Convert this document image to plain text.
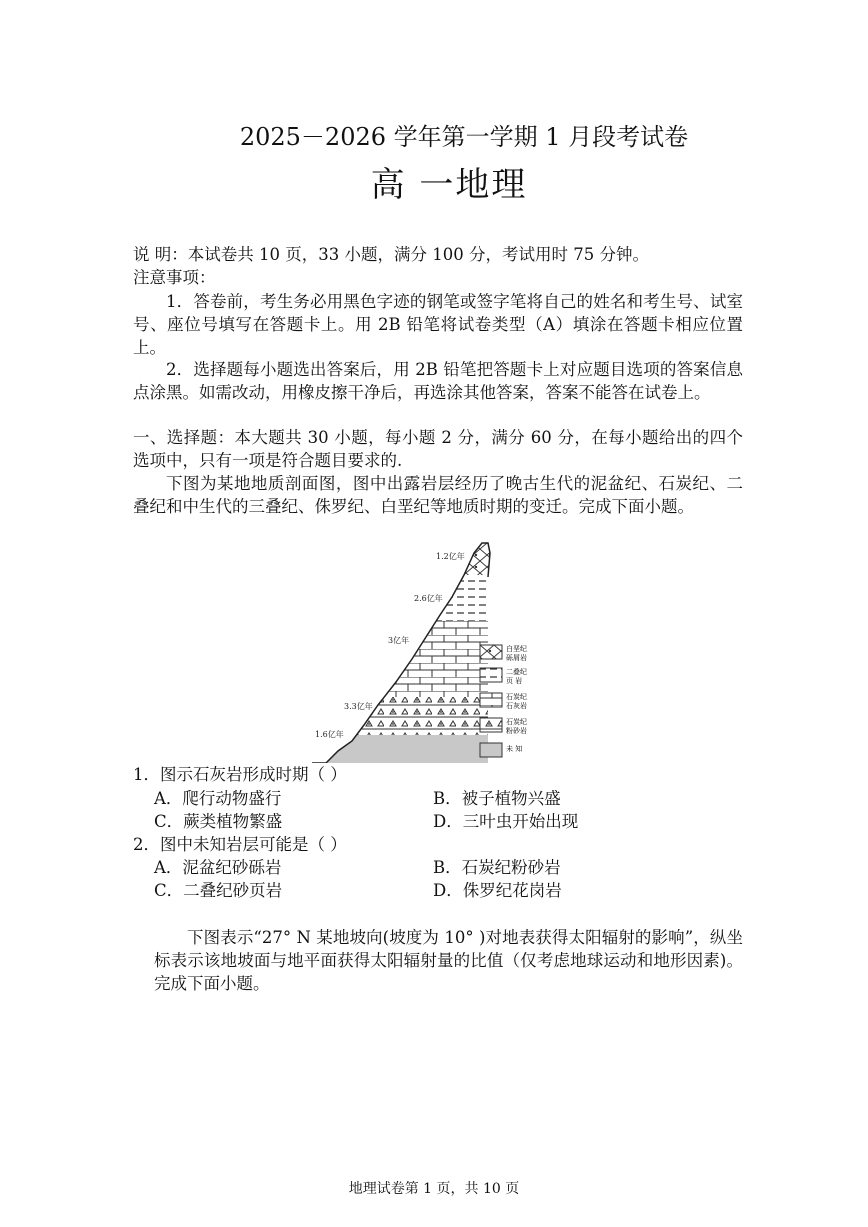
2025－2026 学年第一学期 1 月段考试卷
高 一地理
说 明：本试卷共 10 页，33 小题，满分 100 分，考试用时 75 分钟。
注意事项：
1．答卷前，考生务必用黑色字迹的钢笔或签字笔将自己的姓名和考生号、试室号、座位号填写在答题卡上。用 2B 铅笔将试卷类型（A）填涂在答题卡相应位置上。
2．选择题每小题选出答案后，用 2B 铅笔把答题卡上对应题目选项的答案信息点涂黑。如需改动，用橡皮擦干净后，再选涂其他答案，答案不能答在试卷上。
一、选择题：本大题共 30 小题，每小题 2 分，满分 60 分，在每小题给出的四个选项中，只有一项是符合题目要求的.
下图为某地地质剖面图，图中出露岩层经历了晚古生代的泥盆纪、石炭纪、二叠纪和中生代的三叠纪、侏罗纪、白垩纪等地质时期的变迁。完成下面小题。
1.2亿年
2.6亿年
3亿年
3.3亿年
1.6亿年
白垩纪
砾屑岩
二叠纪
页 岩
石炭纪
石灰岩
石炭纪
粉砂岩
未 知
1．图示石灰岩形成时期（ ）
A．爬行动物盛行	B．被子植物兴盛
C．蕨类植物繁盛	D．三叶虫开始出现
2．图中未知岩层可能是（ ）
A．泥盆纪砂砾岩	B．石炭纪粉砂岩
C．二叠纪砂页岩	D．侏罗纪花岗岩
下图表示“27° N 某地坡向(坡度为 10° )对地表获得太阳辐射的影响”，纵坐标表示该地坡面与地平面获得太阳辐射量的比值（仅考虑地球运动和地形因素)。完成下面小题。
地理试卷第 1 页，共 10 页
